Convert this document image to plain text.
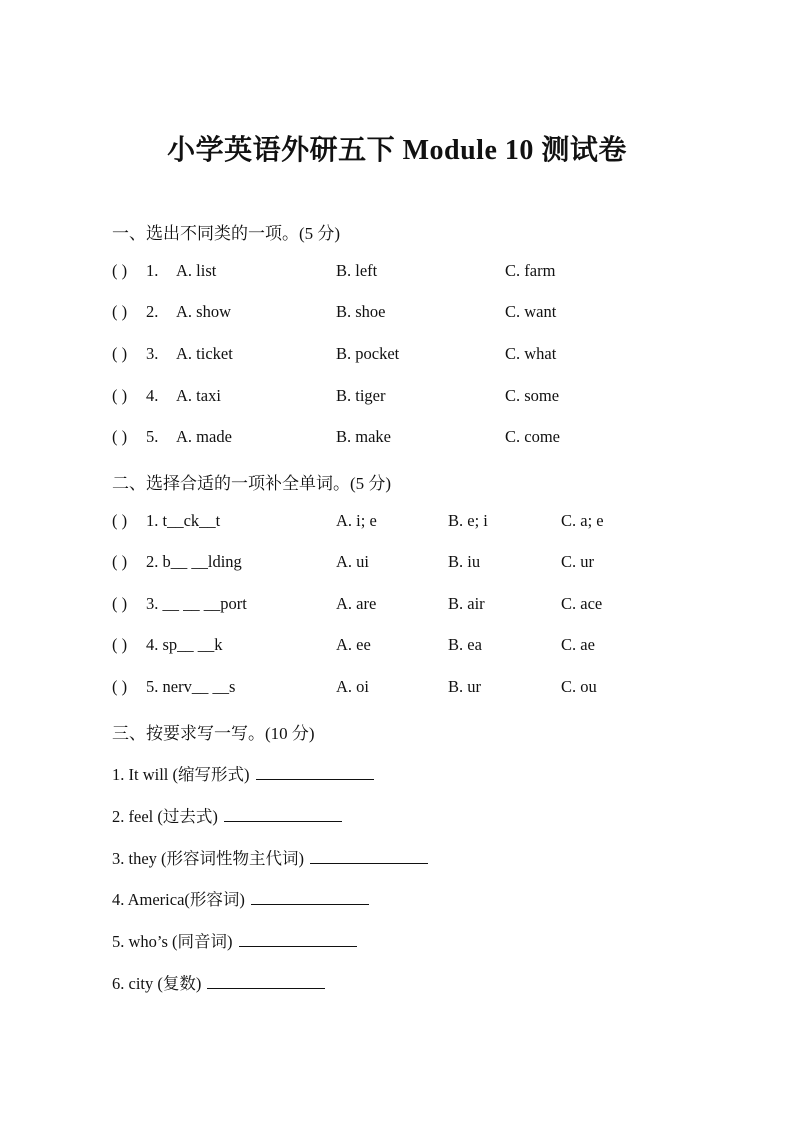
小学英语外研五下 Module 10 测试卷
一、选出不同类的一项。(5 分)
( ) 1. A. list	B. left	C. farm
( ) 2. A. show	B. shoe	C. want
( ) 3. A. ticket	B. pocket	C. what
( ) 4. A. taxi	B. tiger	C. some
( ) 5. A. made	B. make	C. come
二、选择合适的一项补全单词。(5 分)
( ) 1. t__ck__t	A. i; e	B. e; i	C. a; e
( ) 2. b__ __lding	A. ui	B. iu	C. ur
( ) 3. __ __ __port	A. are	B. air	C. ace
( ) 4. sp__ __k	A. ee	B. ea	C. ae
( ) 5. nerv__ __s	A. oi	B. ur	C. ou
三、按要求写一写。(10 分)
1. It will (缩写形式)
2. feel (过去式)
3. they (形容词性物主代词)
4. America(形容词)
5. who’s (同音词)
6. city (复数)
